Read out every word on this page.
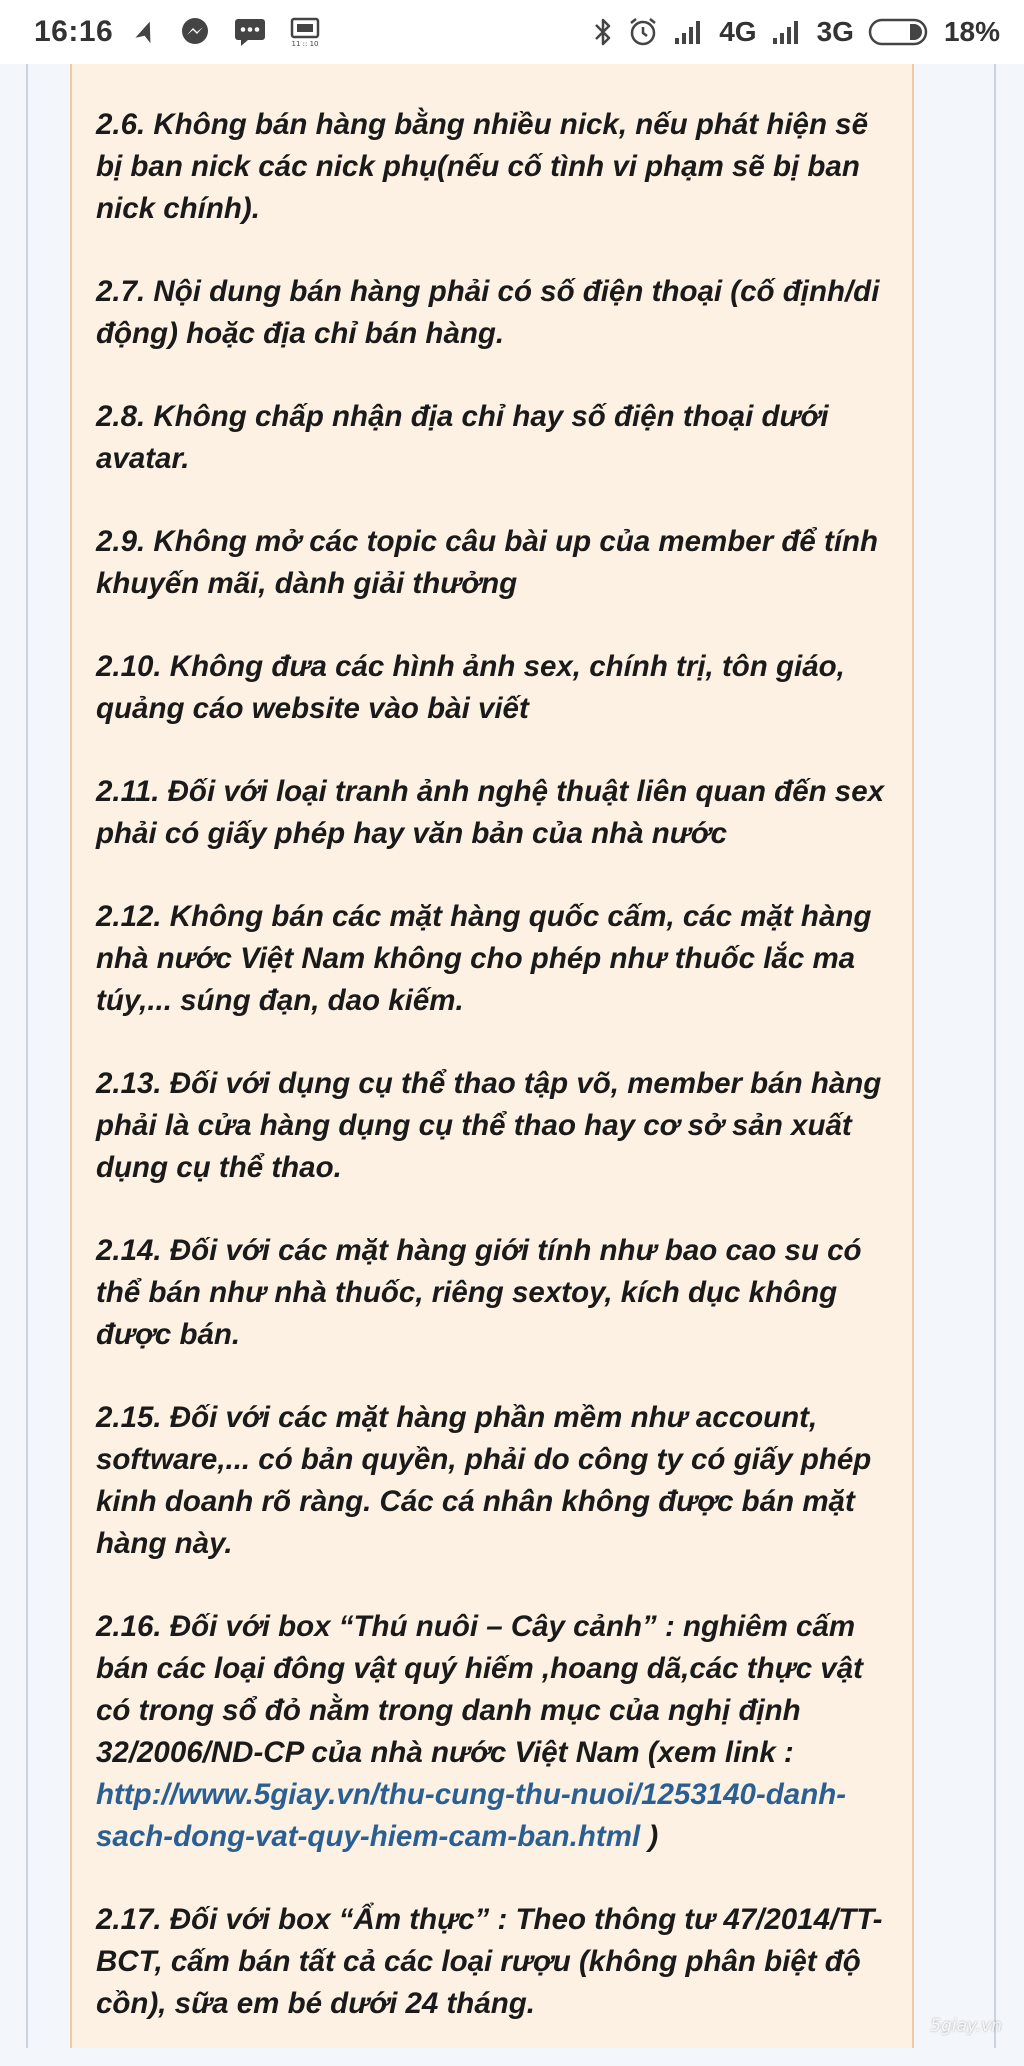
16:16	11 :: 10	4G 3G	18%

2.6. Không bán hàng bằng nhiều nick, nếu phát hiện sẽ bị ban nick các nick phụ(nếu cố tình vi phạm sẽ bị ban nick chính).

2.7. Nội dung bán hàng phải có số điện thoại (cố định/di động) hoặc địa chỉ bán hàng.

2.8. Không chấp nhận địa chỉ hay số điện thoại dưới avatar.

2.9. Không mở các topic câu bài up của member để tính khuyến mãi, dành giải thưởng

2.10. Không đưa các hình ảnh sex, chính trị, tôn giáo, quảng cáo website vào bài viết

2.11. Đối với loại tranh ảnh nghệ thuật liên quan đến sex phải có giấy phép hay văn bản của nhà nước

2.12. Không bán các mặt hàng quốc cấm, các mặt hàng nhà nước Việt Nam không cho phép như thuốc lắc ma túy,... súng đạn, dao kiếm.

2.13. Đối với dụng cụ thể thao tập võ, member bán hàng phải là cửa hàng dụng cụ thể thao hay cơ sở sản xuất dụng cụ thể thao.

2.14. Đối với các mặt hàng giới tính như bao cao su có thể bán như nhà thuốc, riêng sextoy, kích dục không được bán.

2.15. Đối với các mặt hàng phần mềm như account, software,... có bản quyền, phải do công ty có giấy phép kinh doanh rõ ràng. Các cá nhân không được bán mặt hàng này.

2.16. Đối với box “Thú nuôi – Cây cảnh” : nghiêm cấm bán các loại đông vật quý hiếm ,hoang dã,các thực vật có trong sổ đỏ nằm trong danh mục của nghị định 32/2006/ND-CP của nhà nước Việt Nam (xem link : http://www.5giay.vn/thu-cung-thu-nuoi/1253140-danh-sach-dong-vat-quy-hiem-cam-ban.html )

2.17. Đối với box “Ẩm thực” : Theo thông tư 47/2014/TT-BCT, cấm bán tất cả các loại rượu (không phân biệt độ cồn), sữa em bé dưới 24 tháng.

5giay.vn
